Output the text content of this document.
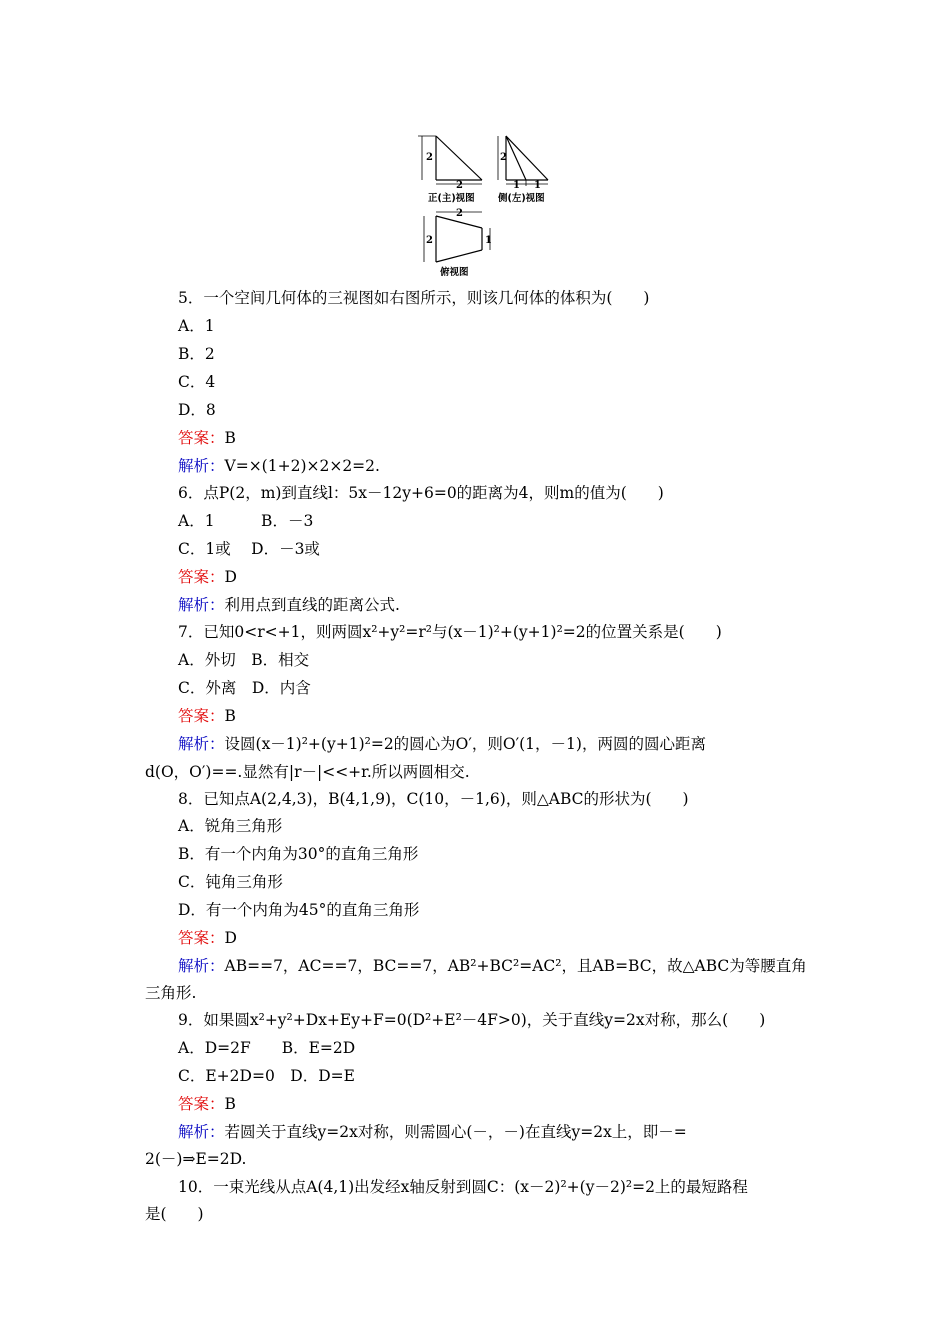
2
2
正(主)视图
2
1 1
侧(左)视图
2
2	1
俯视图
5．一个空间几何体的三视图如右图所示，则该几何体的体积为(　　)
A．1
B．2
C．4
D．8
答案：B
解析：V=×(1+2)×2×2=2.
6．点P(2，m)到直线l：5x－12y+6=0的距离为4，则m的值为(　　)
A．1　　　B．－3
C．1或　 D．－3或
答案：D
解析：利用点到直线的距离公式.
7．已知0<r<+1，则两圆x²+y²=r²与(x－1)²+(y+1)²=2的位置关系是(　　)
A．外切　B．相交
C．外离　D．内含
答案：B
解析：设圆(x－1)²+(y+1)²=2的圆心为O′，则O′(1，－1)，两圆的圆心距离
d(O，O′)==.显然有|r－|<<+r.所以两圆相交.
8．已知点A(2,4,3)，B(4,1,9)，C(10，－1,6)，则△ABC的形状为(　　)
A．锐角三角形
B．有一个内角为30°的直角三角形
C．钝角三角形
D．有一个内角为45°的直角三角形
答案：D
解析：AB==7，AC==7，BC==7，AB²+BC²=AC²，且AB=BC，故△ABC为等腰直角
三角形.
9．如果圆x²+y²+Dx+Ey+F=0(D²+E²－4F>0)，关于直线y=2x对称，那么(　　)
A．D=2F　　B．E=2D
C．E+2D=0　D．D=E
答案：B
解析：若圆关于直线y=2x对称，则需圆心(－，－)在直线y=2x上，即－=
2(－)⇒E=2D.
10．一束光线从点A(4,1)出发经x轴反射到圆C：(x－2)²+(y－2)²=2上的最短路程
是(　　)
